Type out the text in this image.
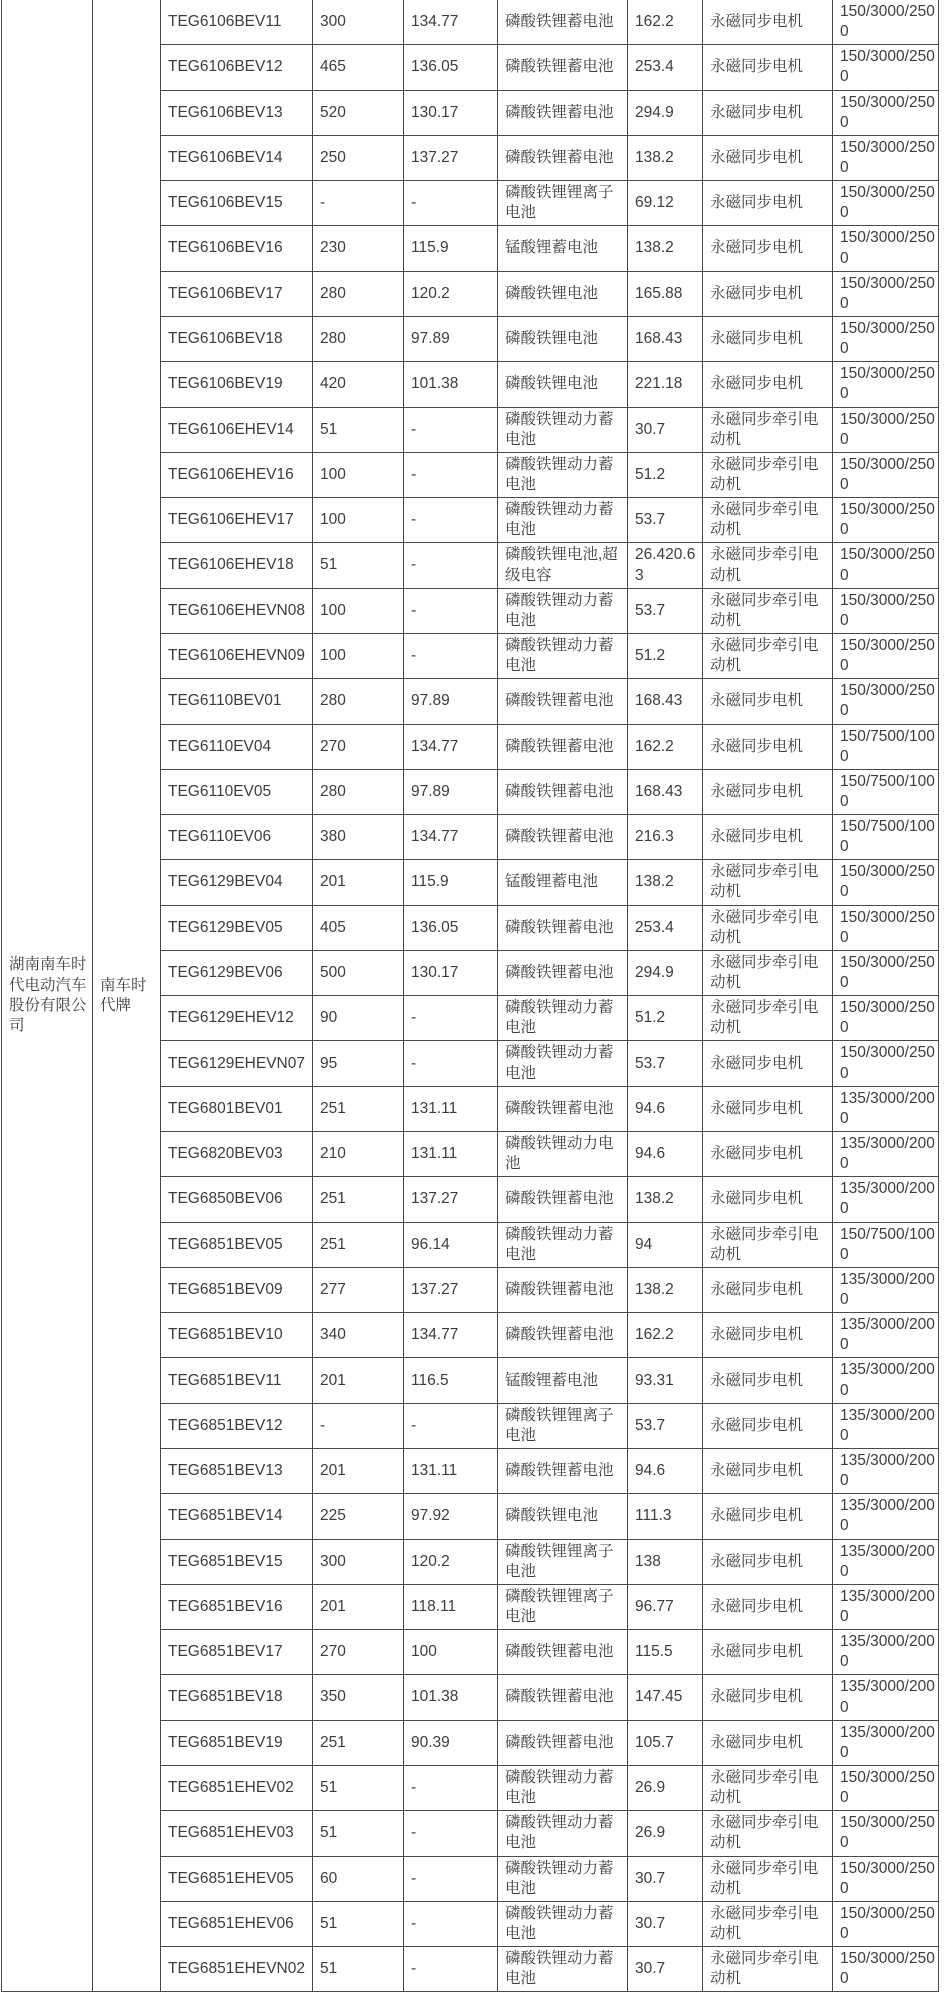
湖南南车时代电动汽车股份有限公司	南车时代牌	TEG6106BEV11	300	134.77	磷酸铁锂蓄电池	162.2	永磁同步电机	150/3000/2500
		TEG6106BEV12	465	136.05	磷酸铁锂蓄电池	253.4	永磁同步电机	150/3000/2500
		TEG6106BEV13	520	130.17	磷酸铁锂蓄电池	294.9	永磁同步电机	150/3000/2500
		TEG6106BEV14	250	137.27	磷酸铁锂蓄电池	138.2	永磁同步电机	150/3000/2500
		TEG6106BEV15	-	-	磷酸铁锂锂离子电池	69.12	永磁同步电机	150/3000/2500
		TEG6106BEV16	230	115.9	锰酸锂蓄电池	138.2	永磁同步电机	150/3000/2500
		TEG6106BEV17	280	120.2	磷酸铁锂电池	165.88	永磁同步电机	150/3000/2500
		TEG6106BEV18	280	97.89	磷酸铁锂电池	168.43	永磁同步电机	150/3000/2500
		TEG6106BEV19	420	101.38	磷酸铁锂电池	221.18	永磁同步电机	150/3000/2500
		TEG6106EHEV14	51	-	磷酸铁锂动力蓄电池	30.7	永磁同步牵引电动机	150/3000/2500
		TEG6106EHEV16	100	-	磷酸铁锂动力蓄电池	51.2	永磁同步牵引电动机	150/3000/2500
		TEG6106EHEV17	100	-	磷酸铁锂动力蓄电池	53.7	永磁同步牵引电动机	150/3000/2500
		TEG6106EHEV18	51	-	磷酸铁锂电池,超级电容	26.420.63	永磁同步牵引电动机	150/3000/2500
		TEG6106EHEVN08	100	-	磷酸铁锂动力蓄电池	53.7	永磁同步牵引电动机	150/3000/2500
		TEG6106EHEVN09	100	-	磷酸铁锂动力蓄电池	51.2	永磁同步牵引电动机	150/3000/2500
		TEG6110BEV01	280	97.89	磷酸铁锂蓄电池	168.43	永磁同步电机	150/3000/2500
		TEG6110EV04	270	134.77	磷酸铁锂蓄电池	162.2	永磁同步电机	150/7500/1000
		TEG6110EV05	280	97.89	磷酸铁锂蓄电池	168.43	永磁同步电机	150/7500/1000
		TEG6110EV06	380	134.77	磷酸铁锂蓄电池	216.3	永磁同步电机	150/7500/1000
		TEG6129BEV04	201	115.9	锰酸锂蓄电池	138.2	永磁同步牵引电动机	150/3000/2500
		TEG6129BEV05	405	136.05	磷酸铁锂蓄电池	253.4	永磁同步牵引电动机	150/3000/2500
		TEG6129BEV06	500	130.17	磷酸铁锂蓄电池	294.9	永磁同步牵引电动机	150/3000/2500
		TEG6129EHEV12	90	-	磷酸铁锂动力蓄电池	51.2	永磁同步牵引电动机	150/3000/2500
		TEG6129EHEVN07	95	-	磷酸铁锂动力蓄电池	53.7	永磁同步电机	150/3000/2500
		TEG6801BEV01	251	131.11	磷酸铁锂蓄电池	94.6	永磁同步电机	135/3000/2000
		TEG6820BEV03	210	131.11	磷酸铁锂动力电池	94.6	永磁同步电机	135/3000/2000
		TEG6850BEV06	251	137.27	磷酸铁锂蓄电池	138.2	永磁同步电机	135/3000/2000
		TEG6851BEV05	251	96.14	磷酸铁锂动力蓄电池	94	永磁同步牵引电动机	150/7500/1000
		TEG6851BEV09	277	137.27	磷酸铁锂蓄电池	138.2	永磁同步电机	135/3000/2000
		TEG6851BEV10	340	134.77	磷酸铁锂蓄电池	162.2	永磁同步电机	135/3000/2000
		TEG6851BEV11	201	116.5	锰酸锂蓄电池	93.31	永磁同步电机	135/3000/2000
		TEG6851BEV12	-	-	磷酸铁锂锂离子电池	53.7	永磁同步电机	135/3000/2000
		TEG6851BEV13	201	131.11	磷酸铁锂蓄电池	94.6	永磁同步电机	135/3000/2000
		TEG6851BEV14	225	97.92	磷酸铁锂电池	111.3	永磁同步电机	135/3000/2000
		TEG6851BEV15	300	120.2	磷酸铁锂锂离子电池	138	永磁同步电机	135/3000/2000
		TEG6851BEV16	201	118.11	磷酸铁锂锂离子电池	96.77	永磁同步电机	135/3000/2000
		TEG6851BEV17	270	100	磷酸铁锂蓄电池	115.5	永磁同步电机	135/3000/2000
		TEG6851BEV18	350	101.38	磷酸铁锂蓄电池	147.45	永磁同步电机	135/3000/2000
		TEG6851BEV19	251	90.39	磷酸铁锂蓄电池	105.7	永磁同步电机	135/3000/2000
		TEG6851EHEV02	51	-	磷酸铁锂动力蓄电池	26.9	永磁同步牵引电动机	150/3000/2500
		TEG6851EHEV03	51	-	磷酸铁锂动力蓄电池	26.9	永磁同步牵引电动机	150/3000/2500
		TEG6851EHEV05	60	-	磷酸铁锂动力蓄电池	30.7	永磁同步牵引电动机	150/3000/2500
		TEG6851EHEV06	51	-	磷酸铁锂动力蓄电池	30.7	永磁同步牵引电动机	150/3000/2500
		TEG6851EHEVN02	51	-	磷酸铁锂动力蓄电池	30.7	永磁同步牵引电动机	150/3000/2500
